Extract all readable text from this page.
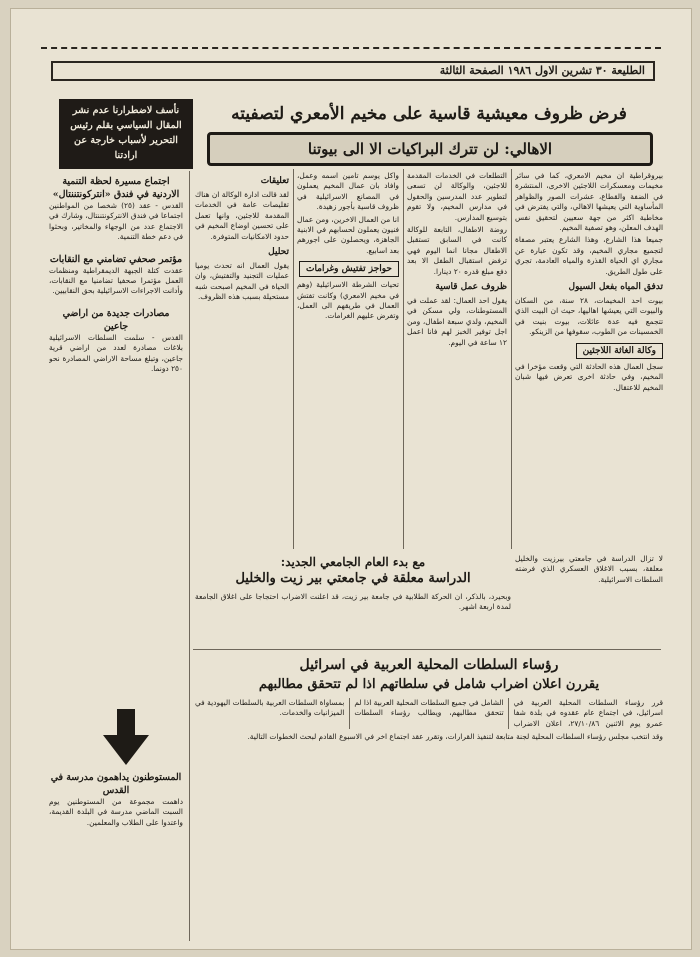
الطليعة ٣٠ تشرين الاول ١٩٨٦ الصفحة الثالثة
فرض ظروف معيشية قاسية على مخيم الأمعري لتصفيته
الاهالي: لن تترك البراكيات الا الى بيوتنا
نأسف لاضطرارنا عدم نشر المقال السياسي بقلم رئيس التحرير لأسباب خارجة عن ارادتنا

بيروقراطية ان مخيم الامعري، كما في سائر مخيمات ومعسكرات اللاجئين الاخرى، المنتشرة في الضفة والقطاع، عشرات الصور والظواهر المأساوية التي يعيشها الاهالي، والتي يفترض في مخاطبة اكثر من جهة سعيين لتحقيق نفس الهدف المعلن، وهو تصفية المخيم.

جميعا هذا الشارع، وهذا الشارع يعتبر مصفاة لتجميع مجاري المخيم، وقد تكون عبارة عن مجاري اي الحياة القذرة والمياه العادمة، تجري على طول الطريق.

تدفق المياه بفعل السيول

بيوت احد المخيمات، ٢٨ سنة، من السكان والبيوت التي يعيشها اهاليها، حيث ان البيت الذي تتجمع فيه عدة عائلات، بيوت بنيت في الخمسينات من الطوب، سقوفها من الزينكو.

وكالة الغاثة اللاجئين

سجل العمال هذه الحادثة التي وقعت مؤخرا في المخيم، وفي حادثة اخرى تعرض فيها شبان المخيم للاعتقال.

التطلعات في الخدمات المقدمة للاجئين، والوكالة لن تسعى لتطوير عدد المدرسين والحقول في مدارس المخيم، ولا تقوم بتوسيع المدارس.

روضة الاطفال، التابعة للوكالة كانت في السابق تستقبل الاطفال مجانا انما اليوم فهي ترفض استقبال الطفل الا بعد دفع مبلغ قدره ٢٠ دينارا.

ظروف عمل قاسية

يقول احد العمال: لقد عملت في المستوطنات، ولي مسكن في المخيم، ولدي سبعة اطفال، ومن اجل توفير الخبز لهم فانا اعمل ١٢ ساعة في اليوم.

واكل يوسم تامين اسمه وعمل، وافاد بان عمال المخيم يعملون في المصانع الاسرائيلية في ظروف قاسية بأجور زهيدة.

انا من العمال الاخرين، ومن عمال فنيون يعملون لحسابهم في الابنية الجاهزة، ويحصلون على اجورهم بعد اسابيع.

حواجز تفتيش وغرامات

تحيات الشرطة الاسرائيلية (وهم في مخيم الامعري) وكانت تفتش العمال في طريقهم الى العمل، وتفرض عليهم الغرامات.

تعليقات

لقد قالت ادارة الوكالة ان هناك تقليصات عامة في الخدمات المقدمة للاجئين، وانها تعمل على تحسين اوضاع المخيم في حدود الامكانيات المتوفرة.

تحليل

يقول العمال انه تحدث يوميا عمليات التجنيد والتفتيش، وان الحياة في المخيم اصبحت شبه مستحيلة بسبب هذه الظروف.

مع بدء العام الجامعي الجديد:
الدراسة معلقة في جامعتي بير زيت والخليل

وبحيرد، بالذكر، ان الحركة الطلابية في جامعة بير زيت، قد اعلنت الاضراب احتجاجا على اغلاق الجامعة لمدة اربعة اشهر.

لا تزال الدراسة في جامعتي بيرزيت والخليل معلقة، بسبب الاغلاق العسكري الذي فرضته السلطات الاسرائيلية.

رؤساء السلطات المحلية العربية في اسرائيل
يقررن اعلان اضراب شامل في سلطاتهم اذا لم تتحقق مطالبهم

قرر رؤساء السلطات المحلية العربية في اسرائيل، في اجتماع عام عقدوه في بلدة شفا عمرو يوم الاثنين ٢٧/١٠/٨٦، اعلان الاضراب الشامل في جميع السلطات المحلية العربية اذا لم تتحقق مطالبهم، ويطالب رؤساء السلطات بمساواة السلطات العربية بالسلطات اليهودية في الميزانيات والخدمات.

وقد انتخب مجلس رؤساء السلطات المحلية لجنة متابعة لتنفيذ القرارات، وتقرر عقد اجتماع اخر في الاسبوع القادم لبحث الخطوات التالية.

اجتماع مسيرة لحظة التنمية الاردنية في فندق «انتركونتننتال»

القدس - عقد (٢٥) شخصا من المواطنين اجتماعا في فندق الانتركونتننتال، وشارك في الاجتماع عدد من الوجهاء والمخاتير، وبحثوا في دعم خطة التنمية.

مؤتمر صحفي تضامني مع النقابات

عقدت كتلة الجبهة الديمقراطية ومنظمات العمل مؤتمرا صحفيا تضامنيا مع النقابات، وأدانت الاجراءات الاسرائيلية بحق النقابيين.

مصادرات جديدة من اراضي جاعين

القدس - سلمت السلطات الاسرائيلية بلاغات مصادرة لعدد من اراضي قرية جاعين، وتبلغ مساحة الاراضي المصادرة نحو ٢٥٠ دونما.

المستوطنون يداهمون مدرسة في القدس

داهمت مجموعة من المستوطنين يوم السبت الماضي مدرسة في البلدة القديمة، واعتدوا على الطلاب والمعلمين.
